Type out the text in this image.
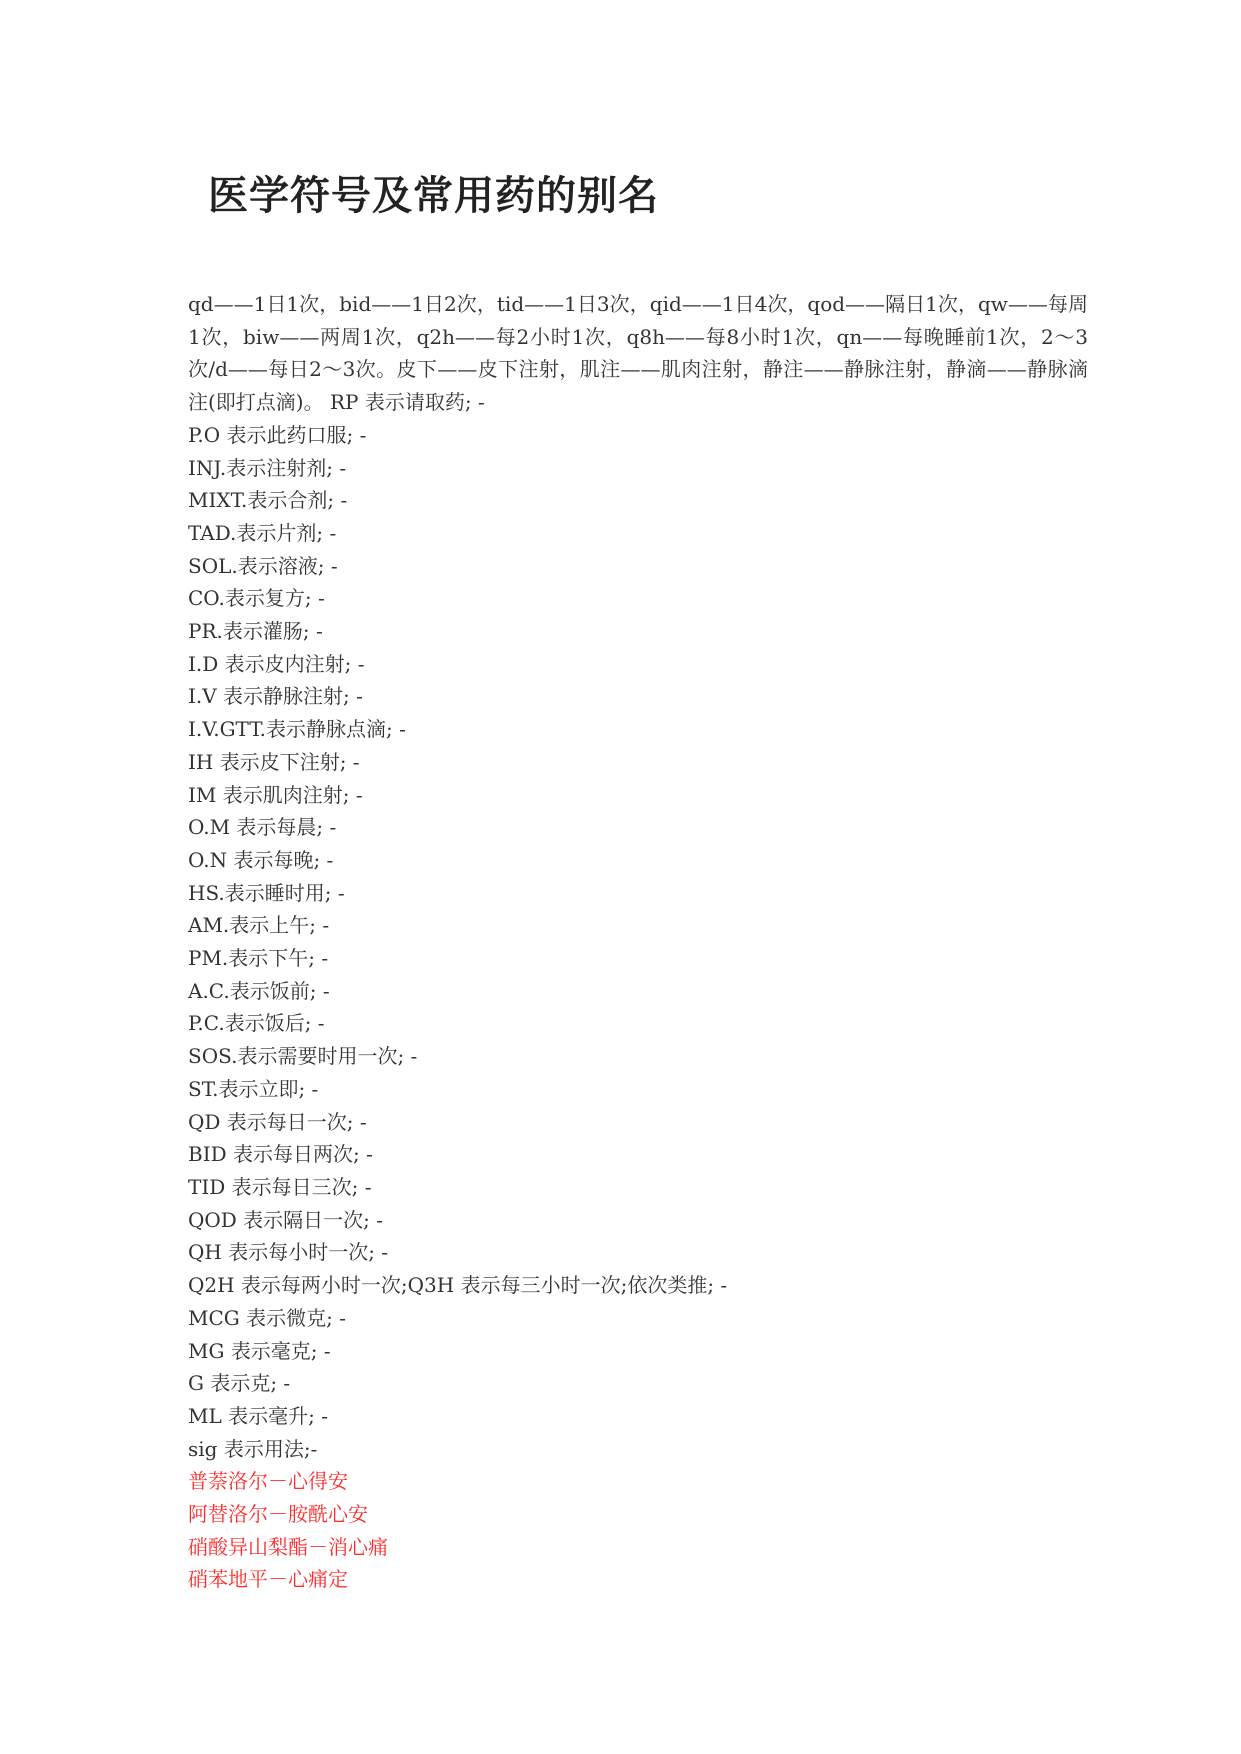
医学符号及常用药的别名

qd——1日1次，bid——1日2次，tid——1日3次，qid——1日4次，qod——隔日1次，qw——每周1次，biw——两周1次，q2h——每2小时1次，q8h——每8小时1次，qn——每晚睡前1次，2～3次/d——每日2～3次。皮下——皮下注射，肌注——肌肉注射，静注——静脉注射，静滴——静脉滴注(即打点滴)。 RP 表示请取药; -

P.O 表示此药口服; -

INJ.表示注射剂; -

MIXT.表示合剂; -

TAD.表示片剂; -

SOL.表示溶液; -

CO.表示复方; -

PR.表示灌肠; -

I.D 表示皮内注射; -

I.V 表示静脉注射; -

I.V.GTT.表示静脉点滴; -

IH 表示皮下注射; -

IM 表示肌肉注射; -

O.M 表示每晨; -

O.N 表示每晚; -

HS.表示睡时用; -

AM.表示上午; -

PM.表示下午; -

A.C.表示饭前; -

P.C.表示饭后; -

SOS.表示需要时用一次; -

ST.表示立即; -

QD 表示每日一次; -

BID 表示每日两次; -

TID 表示每日三次; -

QOD 表示隔日一次; -

QH 表示每小时一次; -

Q2H 表示每两小时一次;Q3H 表示每三小时一次;依次类推; -

MCG 表示微克; -

MG 表示毫克; -

G 表示克; -

ML 表示毫升; -

sig 表示用法;-

普萘洛尔－心得安

阿替洛尔－胺酰心安

硝酸异山梨酯－消心痛

硝苯地平－心痛定
